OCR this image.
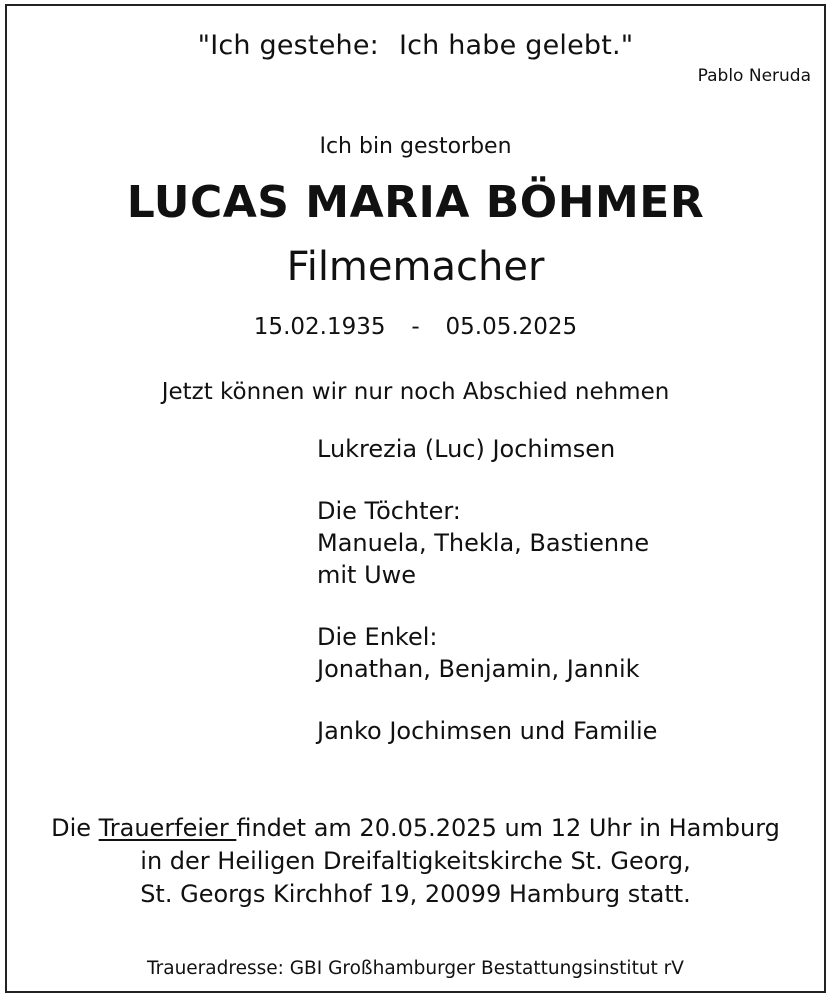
"Ich gestehe: Ich habe gelebt."
Pablo Neruda
Ich bin gestorben
LUCAS MARIA BÖHMER
Filmemacher
15.02.1935 - 05.05.2025
Jetzt können wir nur noch Abschied nehmen
Lukrezia (Luc) Jochimsen
Die Töchter:
Manuela, Thekla, Bastienne
mit Uwe
Die Enkel:
Jonathan, Benjamin, Jannik
Janko Jochimsen und Familie
Die Trauerfeier findet am 20.05.2025 um 12 Uhr in Hamburg
in der Heiligen Dreifaltigkeitskirche St. Georg,
St. Georgs Kirchhof 19, 20099 Hamburg statt.
Traueradresse: GBI Großhamburger Bestattungsinstitut rV
